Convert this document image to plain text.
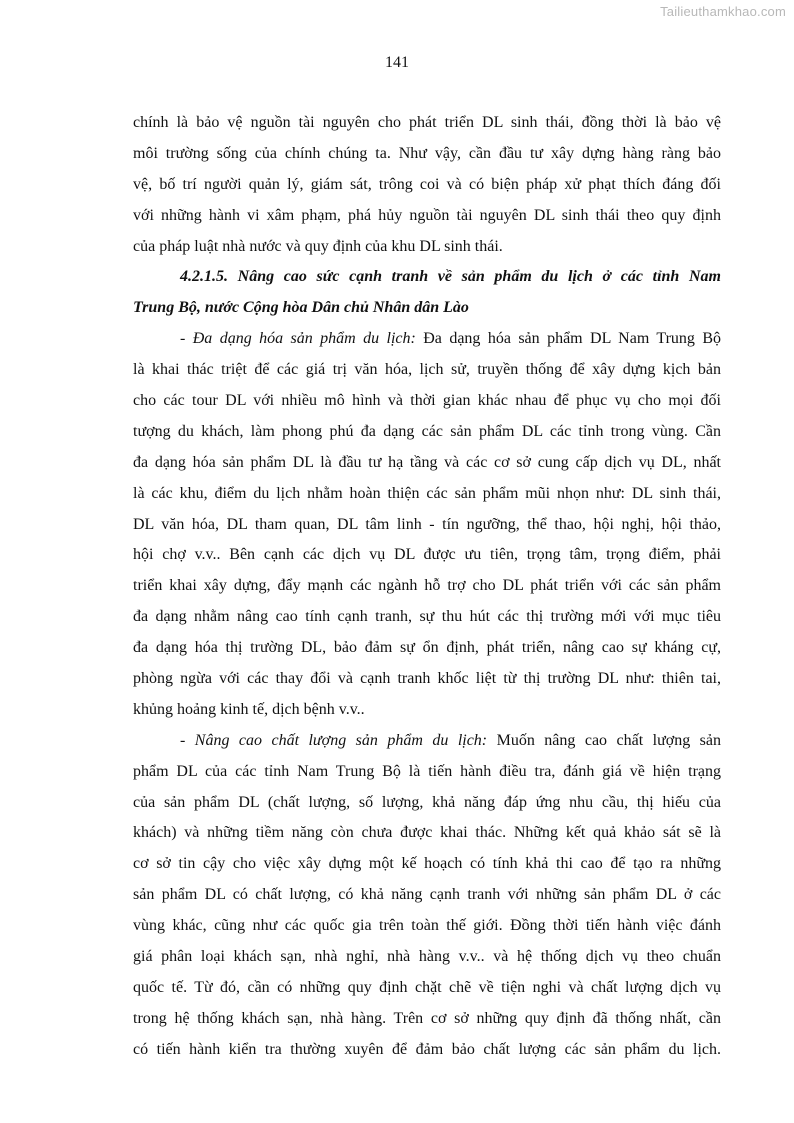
Tailieuthamkhao.com
141
chính là bảo vệ nguồn tài nguyên cho phát triển DL sinh thái, đồng thời là bảo vệ
môi trường sống của chính chúng ta. Như vậy, cần đầu tư xây dựng hàng ràng bảo
vệ, bố trí người quản lý, giám sát, trông coi và có biện pháp xử phạt thích đáng đối
với những hành vi xâm phạm, phá hủy nguồn tài nguyên DL sinh thái theo quy định
của pháp luật nhà nước và quy định của khu DL sinh thái.
4.2.1.5. Nâng cao sức cạnh tranh về sản phẩm du lịch ở các tỉnh Nam
Trung Bộ, nước Cộng hòa Dân chủ Nhân dân Lào
- Đa dạng hóa sản phẩm du lịch: Đa dạng hóa sản phẩm DL Nam Trung Bộ
là khai thác triệt để các giá trị văn hóa, lịch sử, truyền thống để xây dựng kịch bản
cho các tour DL với nhiều mô hình và thời gian khác nhau để phục vụ cho mọi đối
tượng du khách, làm phong phú đa dạng các sản phẩm DL các tỉnh trong vùng. Cần
đa dạng hóa sản phẩm DL là đầu tư hạ tầng và các cơ sở cung cấp dịch vụ DL, nhất
là các khu, điểm du lịch nhằm hoàn thiện các sản phẩm mũi nhọn như: DL sinh thái,
DL văn hóa, DL tham quan, DL tâm linh - tín ngưỡng, thể thao, hội nghị, hội thảo,
hội chợ v.v.. Bên cạnh các dịch vụ DL được ưu tiên, trọng tâm, trọng điểm, phải
triển khai xây dựng, đẩy mạnh các ngành hỗ trợ cho DL phát triển với các sản phẩm
đa dạng nhằm nâng cao tính cạnh tranh, sự thu hút các thị trường mới với mục tiêu
đa dạng hóa thị trường DL, bảo đảm sự ổn định, phát triển, nâng cao sự kháng cự,
phòng ngừa với các thay đổi và cạnh tranh khốc liệt từ thị trường DL như: thiên tai,
khủng hoảng kinh tế, dịch bệnh v.v..
- Nâng cao chất lượng sản phẩm du lịch: Muốn nâng cao chất lượng sản
phẩm DL của các tỉnh Nam Trung Bộ là tiến hành điều tra, đánh giá về hiện trạng
của sản phẩm DL (chất lượng, số lượng, khả năng đáp ứng nhu cầu, thị hiếu của
khách) và những tiềm năng còn chưa được khai thác. Những kết quả khảo sát sẽ là
cơ sở tin cậy cho việc xây dựng một kế hoạch có tính khả thi cao để tạo ra những
sản phẩm DL có chất lượng, có khả năng cạnh tranh với những sản phẩm DL ở các
vùng khác, cũng như các quốc gia trên toàn thế giới. Đồng thời tiến hành việc đánh
giá phân loại khách sạn, nhà nghỉ, nhà hàng v.v.. và hệ thống dịch vụ theo chuẩn
quốc tế. Từ đó, cần có những quy định chặt chẽ về tiện nghi và chất lượng dịch vụ
trong hệ thống khách sạn, nhà hàng. Trên cơ sở những quy định đã thống nhất, cần
có tiến hành kiển tra thường xuyên để đảm bảo chất lượng các sản phẩm du lịch.
